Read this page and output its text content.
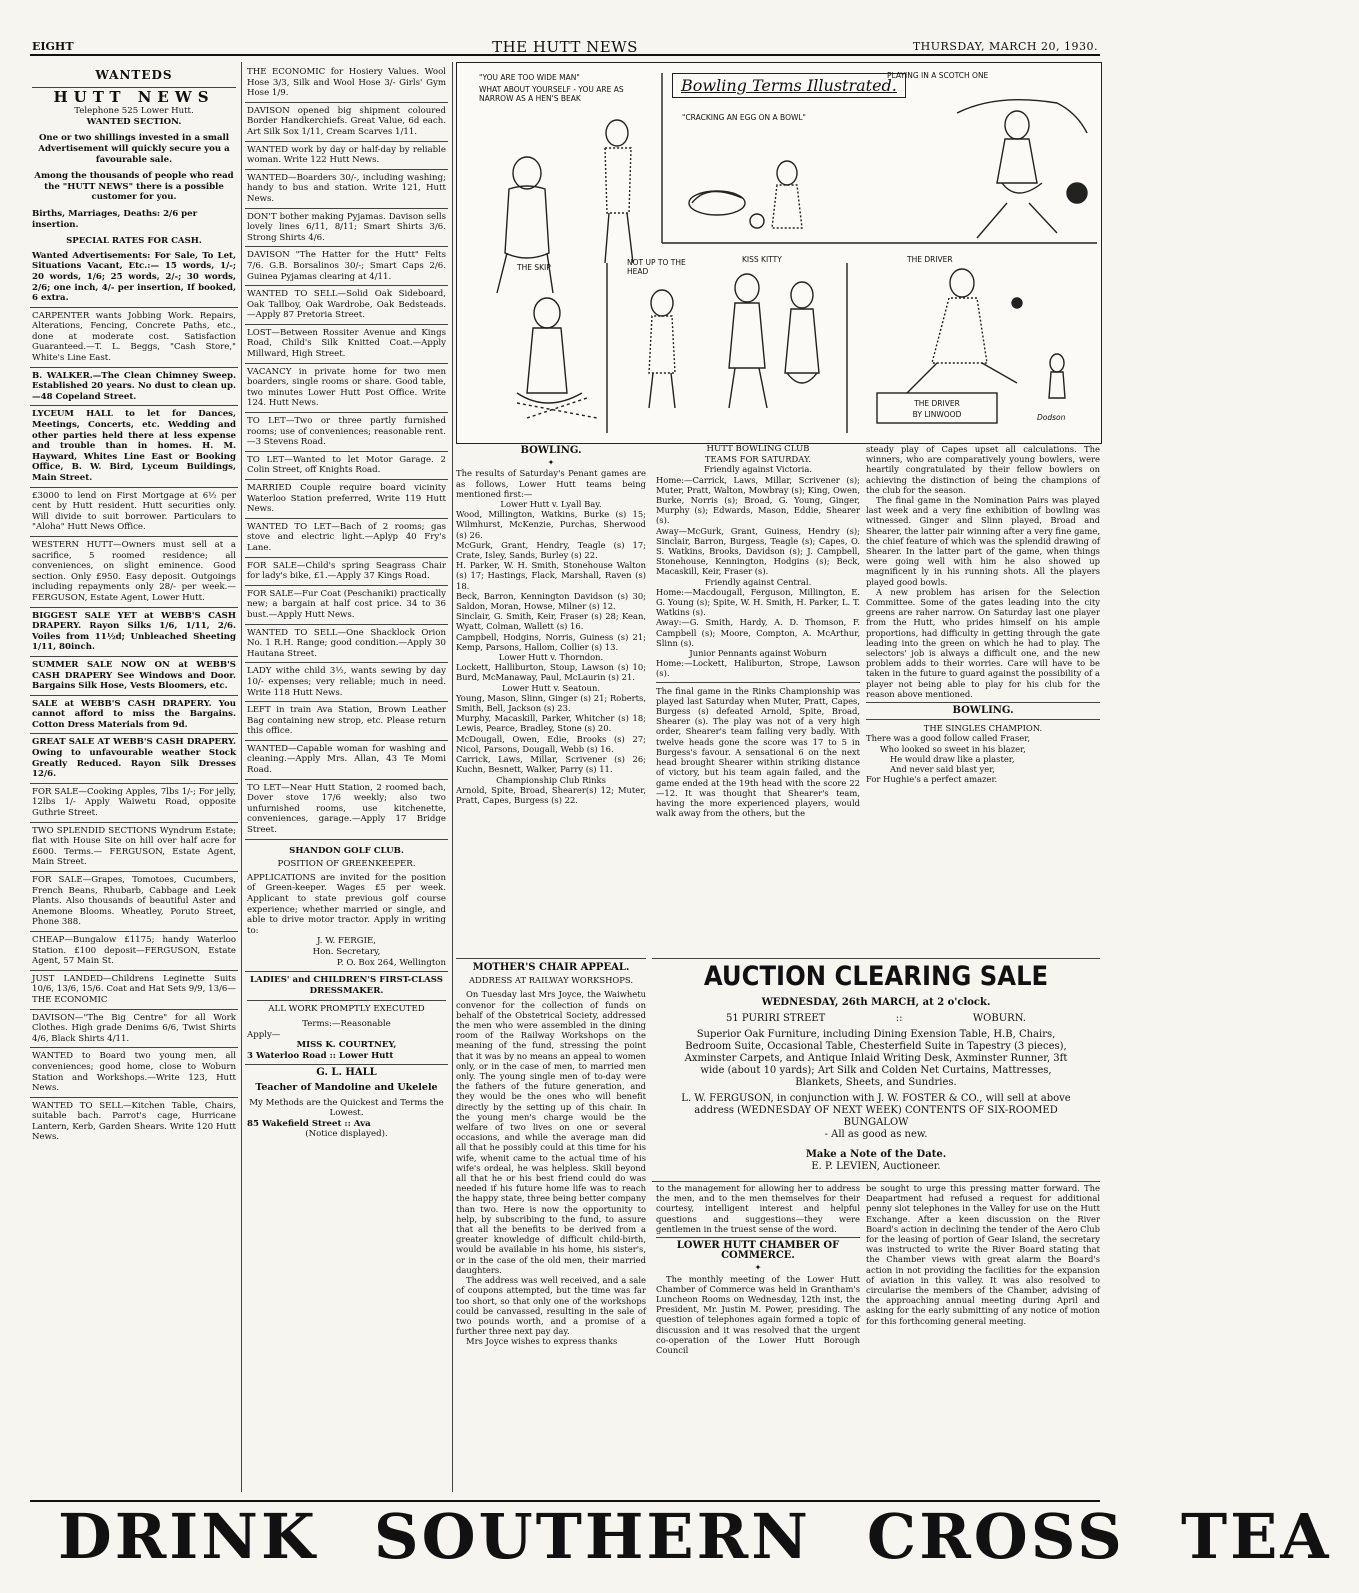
EIGHT	THE HUTT NEWS	THURSDAY, MARCH 20, 1930.
WANTEDS
HUTT NEWS
Telephone 525 Lower Hutt.
WANTED SECTION.
One or two shillings invested in a small Advertisement will quickly secure you a favourable sale.
Among the thousands of people who read the "HUTT NEWS" there is a possible customer for you.
Births, Marriages, Deaths: 2/6 per insertion.
SPECIAL RATES FOR CASH.
Wanted Advertisements: For Sale, To Let, Situations Vacant, Etc.:— 15 words, 1/-; 20 words, 1/6; 25 words, 2/-; 30 words, 2/6; one inch, 4/- per insertion, If booked, 6 extra.
CARPENTER wants Jobbing Work. Repairs, Alterations, Fencing, Concrete Paths, etc., done at moderate cost. Satisfaction Guaranteed.—T. L. Beggs, "Cash Store," White's Line East.
B. WALKER.—The Clean Chimney Sweep. Established 20 years. No dust to clean up.—48 Copeland Street.
LYCEUM HALL to let for Dances, Meetings, Concerts, etc. Wedding and other parties held there at less expense and trouble than in homes. H. M. Hayward, Whites Line East or Booking Office, B. W. Bird, Lyceum Buildings, Main Street.
£3000 to lend on First Mortgage at 6½ per cent by Hutt resident. Hutt securities only. Will divide to suit borrower. Particulars to "Aloha" Hutt News Office.
WESTERN HUTT—Owners must sell at a sacrifice, 5 roomed residence; all conveniences, on slight eminence. Good section. Only £950. Easy deposit. Outgoings including repayments only 28/- per week.—FERGUSON, Estate Agent, Lower Hutt.
BIGGEST SALE YET at WEBB'S CASH DRAPERY. Rayon Silks 1/6, 1/11, 2/6. Voiles from 11½d; Unbleached Sheeting 1/11, 80inch.
SUMMER SALE NOW ON at WEBB'S CASH DRAPERY See Windows and Door. Bargains Silk Hose, Vests Bloomers, etc.
SALE at WEBB'S CASH DRAPERY. You cannot afford to miss the Bargains. Cotton Dress Materials from 9d.
GREAT SALE AT WEBB'S CASH DRAPERY. Owing to unfavourable weather Stock Greatly Reduced. Rayon Silk Dresses 12/6.
FOR SALE—Cooking Apples, 7lbs 1/-; For jelly, 12lbs 1/- Apply Waiwetu Road, opposite Guthrie Street.
TWO SPLENDID SECTIONS Wyndrum Estate; flat with House Site on hill over half acre for £600. Terms.— FERGUSON, Estate Agent, Main Street.
FOR SALE—Grapes, Tomotoes, Cucumbers, French Beans, Rhubarb, Cabbage and Leek Plants. Also thousands of beautiful Aster and Anemone Blooms. Wheatley, Poruto Street, Phone 388.
CHEAP—Bungalow £1175; handy Waterloo Station. £100 deposit—FERGUSON, Estate Agent, 57 Main St.
JUST LANDED—Childrens Leginette Suits 10/6, 13/6, 15/6. Coat and Hat Sets 9/9, 13/6—THE ECONOMIC
DAVISON—"The Big Centre" for all Work Clothes. High grade Denims 6/6, Twist Shirts 4/6, Black Shirts 4/11.
WANTED to Board two young men, all conveniences; good home, close to Woburn Station and Workshops.—Write 123, Hutt News.
WANTED TO SELL—Kitchen Table, Chairs, suitable bach. Parrot's cage, Hurricane Lantern, Kerb, Garden Shears. Write 120 Hutt News.
THE ECONOMIC for Hosiery Values. Wool Hose 3/3, Silk and Wool Hose 3/- Girls' Gym Hose 1/9.
DAVISON opened big shipment coloured Border Handkerchiefs. Great Value, 6d each. Art Silk Sox 1/11, Cream Scarves 1/11.
WANTED work by day or half-day by reliable woman. Write 122 Hutt News.
WANTED—Boarders 30/-, including washing; handy to bus and station. Write 121, Hutt News.
DON'T bother making Pyjamas. Davison sells lovely lines 6/11, 8/11; Smart Shirts 3/6. Strong Shirts 4/6.
DAVISON "The Hatter for the Hutt" Felts 7/6. G.B. Borsalinos 30/-; Smart Caps 2/6. Guinea Pyjamas clearing at 4/11.
WANTED TO SELL—Solid Oak Sideboard, Oak Tallboy, Oak Wardrobe, Oak Bedsteads.—Apply 87 Pretoria Street.
LOST—Between Rossiter Avenue and Kings Road, Child's Silk Knitted Coat.—Apply Millward, High Street.
VACANCY in private home for two men boarders, single rooms or share. Good table, two minutes Lower Hutt Post Office. Write 124. Hutt News.
TO LET—Two or three partly furnished rooms; use of conveniences; reasonable rent.—3 Stevens Road.
TO LET—Wanted to let Motor Garage. 2 Colin Street, off Knights Road.
MARRIED Couple require board vicinity Waterloo Station preferred, Write 119 Hutt News.
WANTED TO LET—Bach of 2 rooms; gas stove and electric light.—Aplyp 40 Fry's Lane.
FOR SALE—Child's spring Seagrass Chair for lady's bike, £1.—Apply 37 Kings Road.
FOR SALE—Fur Coat (Peschaniki) practically new; a bargain at half cost price. 34 to 36 bust.—Apply Hutt News.
WANTED TO SELL—One Shacklock Orion No. 1 R.H. Range; good condition.—Apply 30 Hautana Street.
LADY withe child 3½, wants sewing by day 10/- expenses; very reliable; much in need. Write 118 Hutt News.
LEFT in train Ava Station, Brown Leather Bag containing new strop, etc. Please return this office.
WANTED—Capable woman for washing and cleaning.—Apply Mrs. Allan, 43 Te Momi Road.
TO LET—Near Hutt Station, 2 roomed bach, Dover stove 17/6 weekly; also two unfurnished rooms, use kitchenette, conveniences, garage.—Apply 17 Bridge Street.
SHANDON GOLF CLUB.
POSITION OF GREENKEEPER.
APPLICATIONS are invited for the position of Green-keeper. Wages £5 per week. Applicant to state previous golf course experience; whether married or single, and able to drive motor tractor. Apply in writing to:
J. W. FERGIE,
Hon. Secretary,
P. O. Box 264, Wellington
LADIES' and CHILDREN'S FIRST-CLASS DRESSMAKER.
ALL WORK PROMPTLY EXECUTED
Terms:—Reasonable
Apply—
MISS K. COURTNEY,
3 Waterloo Road :: Lower Hutt
G. L. HALL
Teacher of Mandoline and Ukelele
My Methods are the Quickest and Terms the Lowest.
85 Wakefield Street :: Ava
(Notice displayed).
"YOU ARE TOO WIDE MAN"
WHAT ABOUT YOURSELF - YOU ARE AS NARROW AS A HEN'S BEAK
"CRACKING AN EGG ON A BOWL"
PLAYING IN A SCOTCH ONE
THE SKIP
NOT UP TO THE HEAD
KISS KITTY	THE DRIVER
Bowling Terms Illustrated.
THE DRIVER
BY LINWOOD	Dodson
BOWLING.
✦
The results of Saturday's Penant games are as follows, Lower Hutt teams being mentioned first:—
Lower Hutt v. Lyall Bay.
Wood, Millington, Watkins, Burke (s) 15; Wilmhurst, McKenzie, Purchas, Sherwood (s) 26.
McGurk, Grant, Hendry, Teagle (s) 17; Crate, Isley, Sands, Burley (s) 22.
H. Parker, W. H. Smith, Stonehouse Walton (s) 17; Hastings, Flack, Marshall, Raven (s) 18.
Beck, Barron, Kennington Davidson (s) 30; Saldon, Moran, Howse, Milner (s) 12.
Sinclair, G. Smith, Keir, Fraser (s) 28; Kean, Wyatt, Colman, Wallett (s) 16.
Campbell, Hodgins, Norris, Guiness (s) 21; Kemp, Parsons, Hallom, Collier (s) 13.
Lower Hutt v. Thorndon.
Lockett, Halliburton, Stoup, Lawson (s) 10; Burd, McManaway, Paul, McLaurin (s) 21.
Lower Hutt v. Seatoun.
Young, Mason, Slinn, Ginger (s) 21; Roberts, Smith, Bell, Jackson (s) 23.
Murphy, Macaskill, Parker, Whitcher (s) 18; Lewis, Pearce, Bradley, Stone (s) 20.
McDougall, Owen, Edie, Brooks (s) 27; Nicol, Parsons, Dougall, Webb (s) 16.
Carrick, Laws, Millar, Scrivener (s) 26; Kuchn, Besnett, Walker, Parry (s) 11.
Championship Club Rinks
Arnold, Spite, Broad, Shearer(s) 12; Muter, Pratt, Capes, Burgess (s) 22.
HUTT BOWLING CLUB
TEAMS FOR SATURDAY.
Friendly against Victoria.
Home:—Carrick, Laws, Millar, Scrivener (s); Muter, Pratt, Walton, Mowbray (s); King, Owen, Burke, Norris (s); Broad, G. Young, Ginger, Murphy (s); Edwards, Mason, Eddie, Shearer (s).
Away—McGurk, Grant, Guiness, Hendry (s); Sinclair, Barron, Burgess, Teagle (s); Capes, O. S. Watkins, Brooks, Davidson (s); J. Campbell, Stonehouse, Kennington, Hodgins (s); Beck, Macaskill, Keir, Fraser (s).
Friendly against Central.
Home:—Macdougall, Ferguson, Millington, E. G. Young (s); Spite, W. H. Smith, H. Parker, L. T. Watkins (s).
Away:—G. Smith, Hardy, A. D. Thomson, F. Campbell (s); Moore, Compton, A. McArthur, Slinn (s).
Junior Pennants against Woburn
Home:—Lockett, Haliburton, Strope, Lawson (s).
The final game in the Rinks Championship was played last Saturday when Muter, Pratt, Capes, Burgess (s) defeated Arnold, Spite, Broad, Shearer (s). The play was not of a very high order, Shearer's team failing very badly. With twelve heads gone the score was 17 to 5 in Burgess's favour. A sensational 6 on the next head brought Shearer within striking distance of victory, but his team again failed, and the game ended at the 19th head with the score 22—12. It was thought that Shearer's team, having the more experienced players, would walk away from the others, but the
steady play of Capes upset all calculations. The winners, who are comparatively young bowlers, were heartily congratulated by their fellow bowlers on achieving the distinction of being the champions of the club for the season.
The final game in the Nomination Pairs was played last week and a very fine exhibition of bowling was witnessed. Ginger and Slinn played, Broad and Shearer, the latter pair winning after a very fine game, the chief feature of which was the splendid drawing of Shearer. In the latter part of the game, when things were going well with him he also showed up magnificent ly in his running shots. All the players played good bowls.
A new problem has arisen for the Selection Committee. Some of the gates leading into the city greens are raher narrow. On Saturday last one player from the Hutt, who prides himself on his ample proportions, had difficulty in getting through the gate leading into the green on which he had to play. The selectors' job is always a difficult one, and the new problem adds to their worries. Care will have to be taken in the future to guard against the possibility of a player not being able to play for his club for the reason above mentioned.
BOWLING.
THE SINGLES CHAMPION.
There was a good follow called Fraser,
Who looked so sweet in his blazer,
He would draw like a plaster,
And never said blast yer,
For Hughie's a perfect amazer.
MOTHER'S CHAIR APPEAL.
ADDRESS AT RAILWAY WORKSHOPS.
On Tuesday last Mrs Joyce, the Waiwhetu convenor for the collection of funds on behalf of the Obstetrical Society, addressed the men who were assembled in the dining room of the Railway Workshops on the meaning of the fund, stressing the point that it was by no means an appeal to women only, or in the case of men, to married men only. The young single men of to-day were the fathers of the future generation, and they would be the ones who will benefit directly by the setting up of this chair. In the young men's charge would be the welfare of two lives on one or several occasions, and while the average man did all that he possibly could at this time for his wife, whenit came to the actual time of his wife's ordeal, he was helpless. Skill beyond all that he or his best friend could do was needed if his future home life was to reach the happy state, three being better company than two. Here is now the opportunity to help, by subscribing to the fund, to assure that all the benefits to be derived from a greater knowledge of difficult child-birth, would be available in his home, his sister's, or in the case of the old men, their married daughters.
The address was well received, and a sale of coupons attempted, but the time was far too short, so that only one of the workshops could be canvassed, resulting in the sale of two pounds worth, and a promise of a further three next pay day.
Mrs Joyce wishes to express thanks
AUCTION CLEARING SALE
WEDNESDAY, 26th MARCH, at 2 o'clock.
51 PURIRI STREET	::	WOBURN.
Superior Oak Furniture, including Dining Exension Table, H.B, Chairs, Bedroom Suite, Occasional Table, Chesterfield Suite in Tapestry (3 pieces), Axminster Carpets, and Antique Inlaid Writing Desk, Axminster Runner, 3ft wide (about 10 yards); Art Silk and Colden Net Curtains, Mattresses, Blankets, Sheets, and Sundries.
L. W. FERGUSON, in conjunction with J. W. FOSTER & CO., will sell at above address (WEDNESDAY OF NEXT WEEK) CONTENTS OF SIX-ROOMED BUNGALOW
- All as good as new.
Make a Note of the Date.
E. P. LEVIEN, Auctioneer.
to the management for allowing her to address the men, and to the men themselves for their courtesy, intelligent interest and helpful questions and suggestions—they were gentlemen in the truest sense of the word.
LOWER HUTT CHAMBER OF COMMERCE.
✦
The monthly meeting of the Lower Hutt Chamber of Commerce was held in Grantham's Luncheon Rooms on Wednesday, 12th inst, the President, Mr. Justin M. Power, presiding. The question of telephones again formed a topic of discussion and it was resolved that the urgent co-operation of the Lower Hutt Borough Council
be sought to urge this pressing matter forward. The Deapartment had refused a request for additional penny slot telephones in the Valley for use on the Hutt Exchange. After a keen discussion on the River Board's action in declining the tender of the Aero Club for the leasing of portion of Gear Island, the secretary was instructed to write the River Board stating that the Chamber views with great alarm the Board's action in not providing the facilities for the expansion of aviation in this valley. It was also resolved to circularise the members of the Chamber, advising of the approaching annual meeting during April and asking for the early submitting of any notice of motion for this forthcoming general meeting.
DRINK SOUTHERN CROSS TEA
